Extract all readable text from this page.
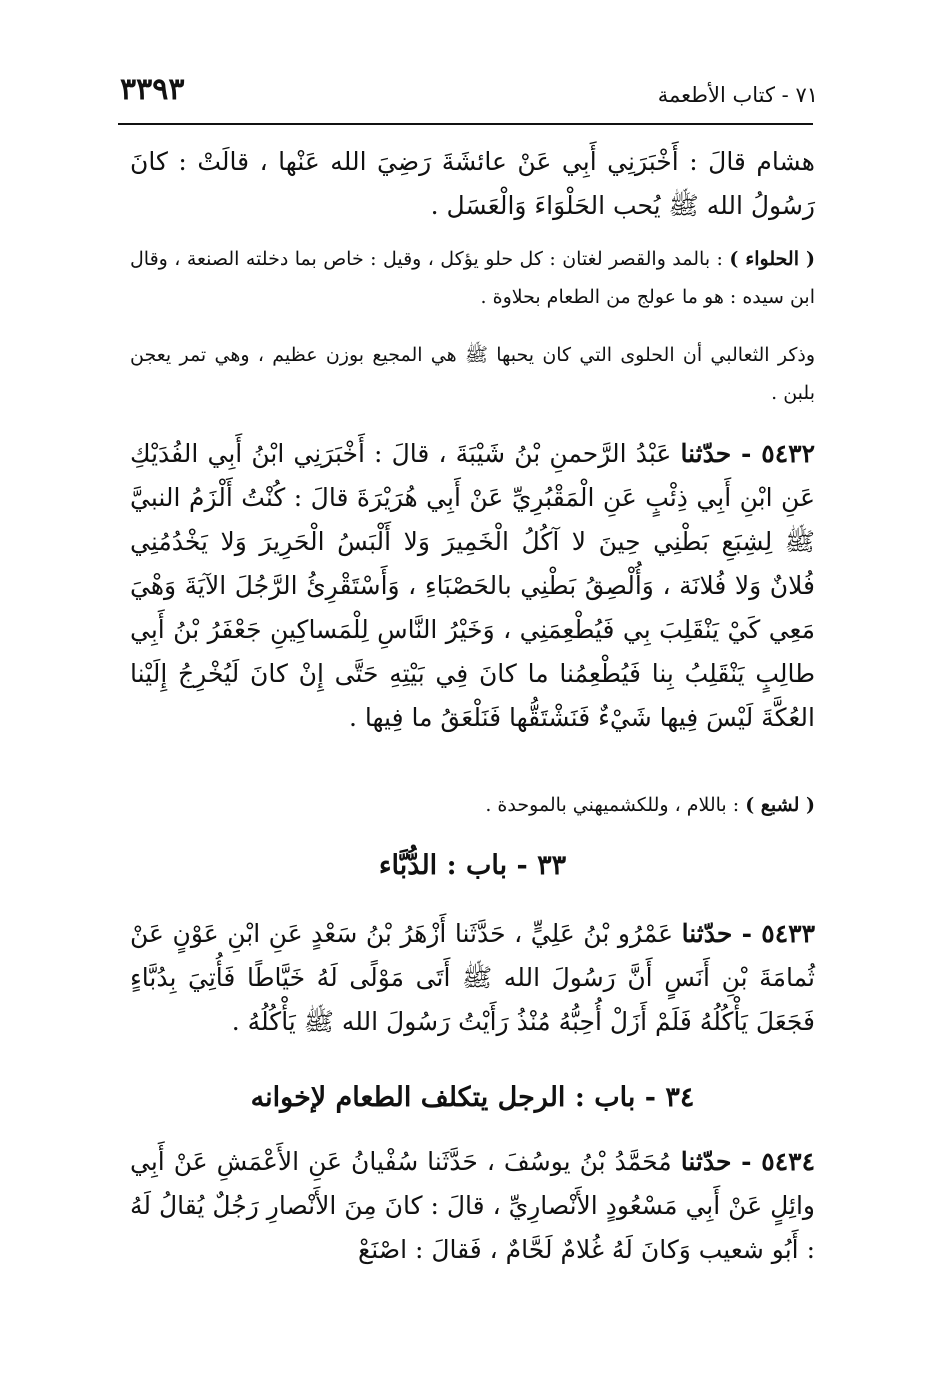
٣٣٩٣	٧١ - كتاب الأطعمة
هشام قالَ : أَخْبَرَنِي أَبِي عَنْ عائشَةَ رَضِيَ الله عَنْها ، قالَتْ : كانَ رَسُولُ الله ﷺ يُحب الحَلْوَاءَ وَالْعَسَل .
( الحلواء ) : بالمد والقصر لغتان : كل حلو يؤكل ، وقيل : خاص بما دخلته الصنعة ، وقال ابن سيده : هو ما عولج من الطعام بحلاوة .
وذكر الثعالبي أن الحلوى التي كان يحبها ﷺ هي المجيع بوزن عظيم ، وهي تمر يعجن بلبن .
٥٤٣٢ - حدّثنا عَبْدُ الرَّحمنِ بْنُ شَيْبَةَ ، قالَ : أَخْبَرَنِي ابْنُ أَبِي الفُدَيْكِ عَنِ ابْنِ أَبِي ذِئْبٍ عَنِ الْمَقْبُرِيِّ عَنْ أَبِي هُرَيْرَةَ قالَ : كُنْتُ أَلْزَمُ النبيَّ ﷺ لِشِبَعِ بَطْنِي حِينَ لا آكُلُ الْخَمِيرَ وَلا أَلْبَسُ الْحَرِيرَ وَلا يَخْدُمُنِي فُلانٌ وَلا فُلانَة ، وَأُلْصِقُ بَطْنِي بالحَصْبَاءِ ، وَأَسْتَقْرِئُ الرَّجُلَ الآيَةَ وَهْيَ مَعِي كَيْ يَنْقَلِبَ بِي فَيُطْعِمَنِي ، وَخَيْرُ النَّاسِ لِلْمَساكِينِ جَعْفَرُ بْنُ أَبِي طالِبٍ يَنْقَلِبُ بِنا فَيُطْعِمُنا ما كانَ فِي بَيْتِهِ حَتَّى إِنْ كانَ لَيُخْرِجُ إِلَيْنا العُكَّةَ لَيْسَ فِيها شَيْءٌ فَنَشْتَقُّها فَنَلْعَقُ ما فِيها .
( لشبع ) : باللام ، وللكشميهني بالموحدة .
٣٣ - باب : الدُّبَّاء
٥٤٣٣ - حدّثنا عَمْرُو بْنُ عَلِيٍّ ، حَدَّثَنا أَزْهَرُ بْنُ سَعْدٍ عَنِ ابْنِ عَوْنٍ عَنْ ثُمامَةَ بْنِ أَنَسٍ أَنَّ رَسُولَ الله ﷺ أَتَى مَوْلًى لَهُ خَيَّاطًا فَأُتِيَ بِدُبَّاءٍ فَجَعَلَ يَأْكُلُهُ فَلَمْ أَزَلْ أُحِبُّهُ مُنْذُ رَأَيْتُ رَسُولَ الله ﷺ يَأْكُلُهُ .
٣٤ - باب : الرجل يتكلف الطعام لإخوانه
٥٤٣٤ - حدّثنا مُحَمَّدُ بْنُ يوسُفَ ، حَدَّثَنا سُفْيانُ عَنِ الأَعْمَشِ عَنْ أَبِي وائِلٍ عَنْ أَبِي مَسْعُودٍ الأَنْصارِيِّ ، قالَ : كانَ مِنَ الأَنْصارِ رَجُلٌ يُقالُ لَهُ : أَبُو شعيب وَكانَ لَهُ غُلامٌ لَحَّامٌ ، فَقالَ : اصْنَعْ
